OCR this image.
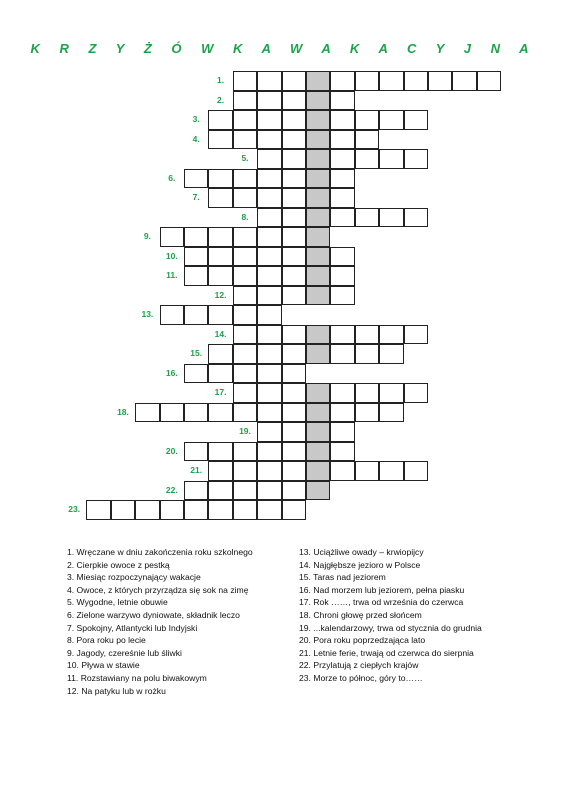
K R Z Y Ż Ó W K A W A K A C Y J N A
1.
2.
3.
4.
5.
6.
7.
8.
9.
10.
11.
12.
13.
14.
15.
16.
17.
18.
19.
20.
21.
22.
23.
1. Wręczane w dniu zakończenia roku szkolnego
2. Cierpkie owoce z pestką
3. Miesiąc rozpoczynający wakacje
4. Owoce, z których przyrządza się sok na zimę
5. Wygodne, letnie obuwie
6. Zielone warzywo dyniowate, składnik leczo
7. Spokojny, Atlantycki lub Indyjski
8. Pora roku po lecie
9. Jagody, czereśnie lub śliwki
10. Pływa w stawie
11. Rozstawiany na polu biwakowym
12. Na patyku lub w rożku
13. Uciążliwe owady – krwiopijcy
14. Najgłębsze jezioro w Polsce
15. Taras nad jeziorem
16. Nad morzem lub jeziorem, pełna piasku
17. Rok ……, trwa od września do czerwca
18. Chroni głowę przed słońcem
19. ...kalendarzowy, trwa od stycznia do grudnia
20. Pora roku poprzedzająca lato
21. Letnie ferie, trwają od czerwca do sierpnia
22. Przylatują z ciepłych krajów
23. Morze to północ, góry to……
